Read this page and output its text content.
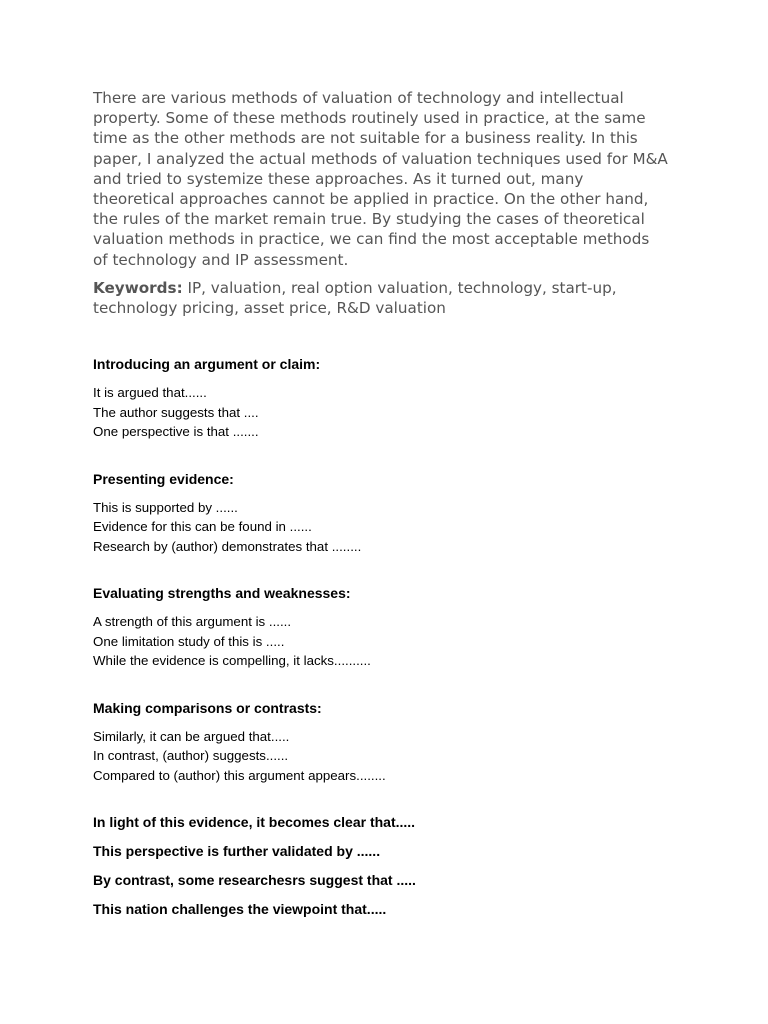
There are various methods of valuation of technology and intellectual property. Some of these methods routinely used in practice, at the same time as the other methods are not suitable for a business reality. In this paper, I analyzed the actual methods of valuation techniques used for M&A and tried to systemize these approaches. As it turned out, many theoretical approaches cannot be applied in practice. On the other hand, the rules of the market remain true. By studying the cases of theoretical valuation methods in practice, we can find the most acceptable methods of technology and IP assessment.

Keywords: IP, valuation, real option valuation, technology, start-up, technology pricing, asset price, R&D valuation

Introducing an argument or claim:

It is argued that......
The author suggests that ....
One perspective is that .......

Presenting evidence:

This is supported by ......
Evidence for this can be found in ......
Research by (author) demonstrates that ........

Evaluating strengths and weaknesses:

A strength of this argument is ......
One limitation study of this is .....
While the evidence is compelling, it lacks..........

Making comparisons or contrasts:

Similarly, it can be argued that.....
In contrast, (author) suggests......
Compared to (author) this argument appears........
In light of this evidence, it becomes clear that.....
This perspective is further validated by ......
By contrast, some researchesrs suggest that .....
This nation challenges the viewpoint that.....
